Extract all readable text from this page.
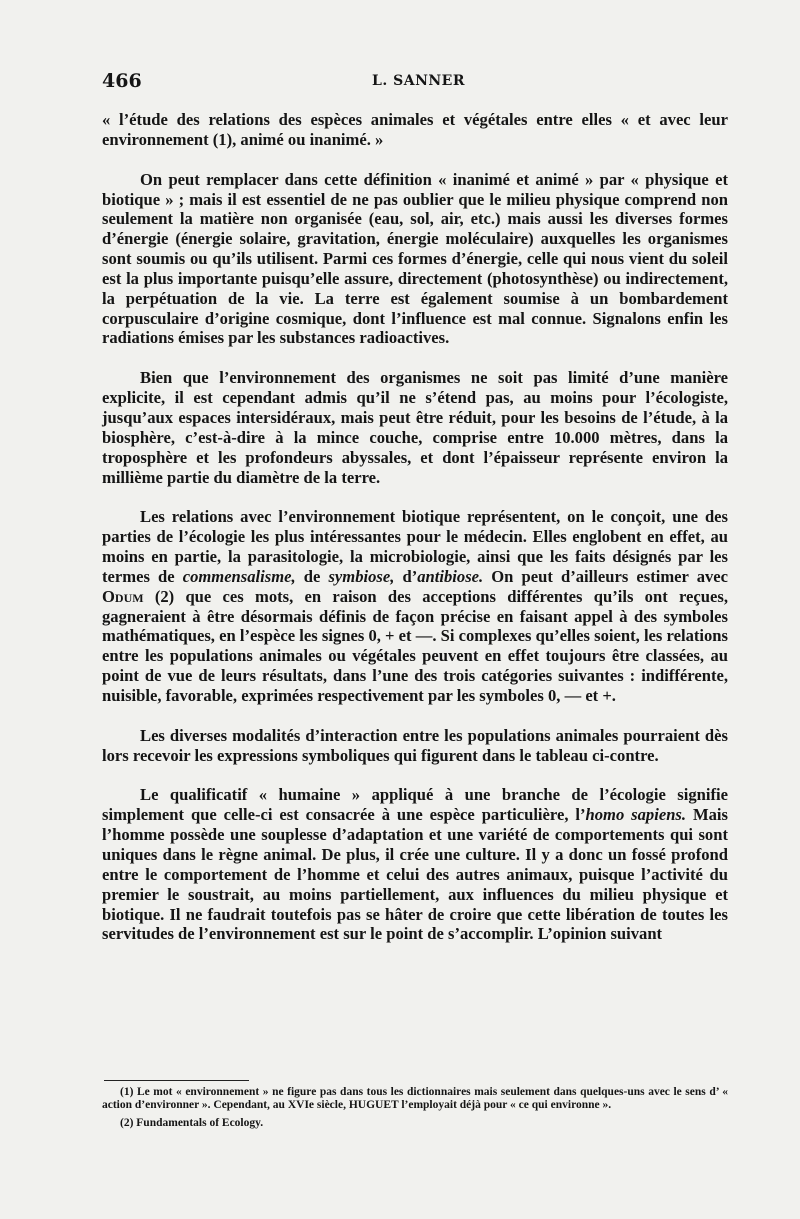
466	L. SANNER

« l’étude des relations des espèces animales et végétales entre elles « et avec leur environnement (1), animé ou inanimé. »

On peut remplacer dans cette définition « inanimé et animé » par « physique et biotique » ; mais il est essentiel de ne pas oublier que le milieu physique comprend non seulement la matière non organisée (eau, sol, air, etc.) mais aussi les diverses formes d’énergie (énergie solaire, gravitation, énergie moléculaire) auxquelles les organismes sont soumis ou qu’ils utilisent. Parmi ces formes d’énergie, celle qui nous vient du soleil est la plus importante puisqu’elle assure, directement (photosynthèse) ou indirectement, la perpétuation de la vie. La terre est également soumise à un bombardement corpusculaire d’origine cosmique, dont l’influence est mal connue. Signalons enfin les radiations émises par les substances radioactives.

Bien que l’environnement des organismes ne soit pas limité d’une manière explicite, il est cependant admis qu’il ne s’étend pas, au moins pour l’écologiste, jusqu’aux espaces intersidéraux, mais peut être réduit, pour les besoins de l’étude, à la biosphère, c’est-à-dire à la mince couche, comprise entre 10.000 mètres, dans la troposphère et les profondeurs abyssales, et dont l’épaisseur représente environ la millième partie du diamètre de la terre.

Les relations avec l’environnement biotique représentent, on le conçoit, une des parties de l’écologie les plus intéressantes pour le médecin. Elles englobent en effet, au moins en partie, la parasitologie, la microbiologie, ainsi que les faits désignés par les termes de commensalisme, de symbiose, d’antibiose. On peut d’ailleurs estimer avec Odum (2) que ces mots, en raison des acceptions différentes qu’ils ont reçues, gagneraient à être désormais définis de façon précise en faisant appel à des symboles mathématiques, en l’espèce les signes 0, + et —. Si complexes qu’elles soient, les relations entre les populations animales ou végétales peuvent en effet toujours être classées, au point de vue de leurs résultats, dans l’une des trois catégories suivantes : indifférente, nuisible, favorable, exprimées respectivement par les symboles 0, — et +.

Les diverses modalités d’interaction entre les populations animales pourraient dès lors recevoir les expressions symboliques qui figurent dans le tableau ci-contre.

Le qualificatif « humaine » appliqué à une branche de l’écologie signifie simplement que celle-ci est consacrée à une espèce particulière, l’homo sapiens. Mais l’homme possède une souplesse d’adaptation et une variété de comportements qui sont uniques dans le règne animal. De plus, il crée une culture. Il y a donc un fossé profond entre le comportement de l’homme et celui des autres animaux, puisque l’activité du premier le soustrait, au moins partiellement, aux influences du milieu physique et biotique. Il ne faudrait toutefois pas se hâter de croire que cette libération de toutes les servitudes de l’environnement est sur le point de s’accomplir. L’opinion suivant

(1) Le mot « environnement » ne figure pas dans tous les dictionnaires mais seulement dans quelques-uns avec le sens d’ « action d’environner ». Cependant, au XVIe siècle, HUGUET l’employait déjà pour « ce qui environne ».

(2) Fundamentals of Ecology.
